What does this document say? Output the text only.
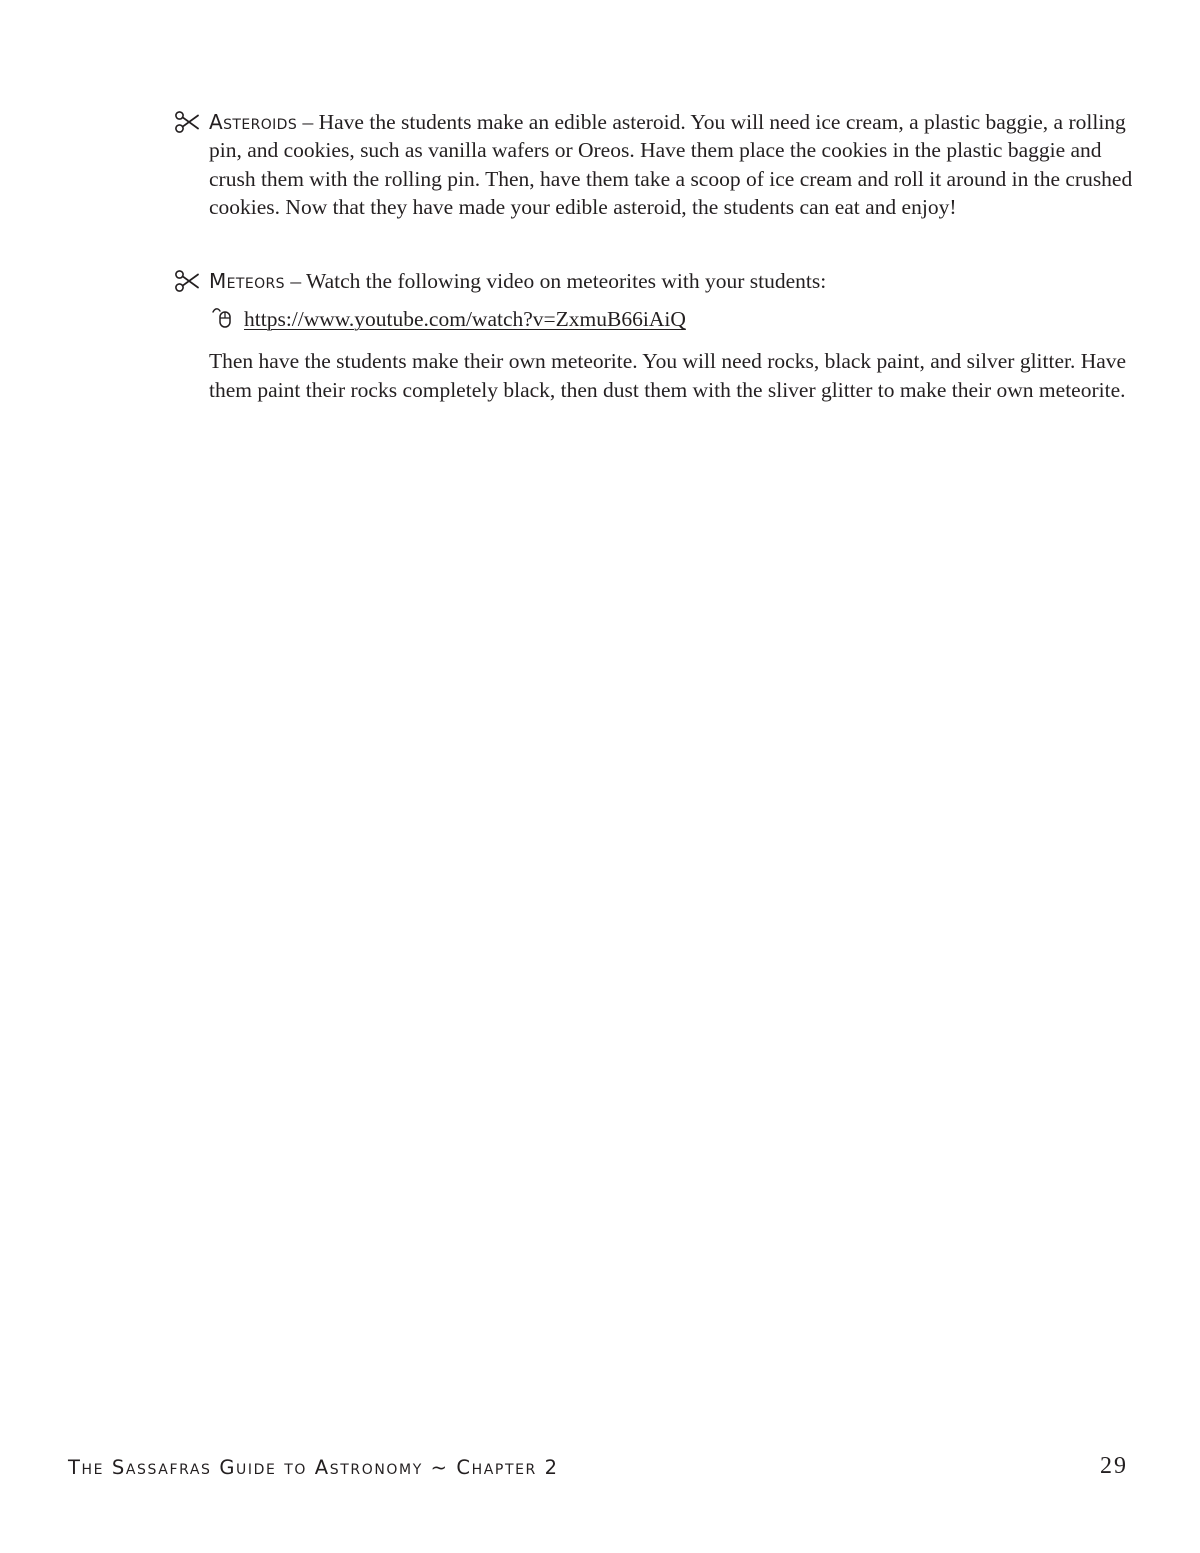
Asteroids – Have the students make an edible asteroid. You will need ice cream, a plastic baggie, a rolling pin, and cookies, such as vanilla wafers or Oreos. Have them place the cookies in the plastic baggie and crush them with the rolling pin. Then, have them take a scoop of ice cream and roll it around in the crushed cookies. Now that they have made your edible asteroid, the students can eat and enjoy!
Meteors – Watch the following video on meteorites with your students:
https://www.youtube.com/watch?v=ZxmuB66iAiQ
Then have the students make their own meteorite. You will need rocks, black paint, and silver glitter. Have them paint their rocks completely black, then dust them with the sliver glitter to make their own meteorite.
The Sassafras Guide to Astronomy ~ Chapter 2	29
